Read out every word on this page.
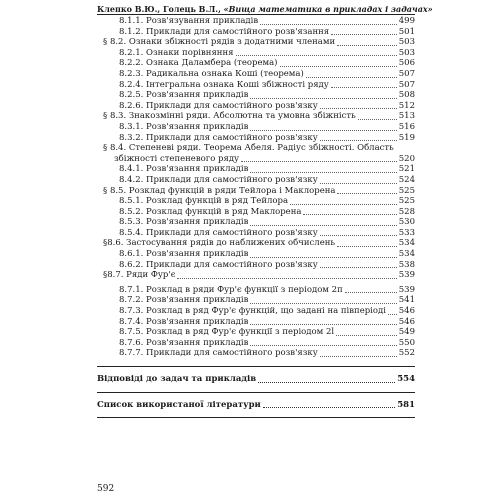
Клепко В.Ю., Голець В.Л., «Вища математика в прикладах і задачах»
8.1.1. Розв'язування прикладів	499
8.1.2. Приклади для самостійного розв'язання	501
§ 8.2. Ознаки збіжності рядів з додатними членами	503
8.2.1. Ознаки порівняння	503
8.2.2. Ознака Даламбера (теорема)	506
8.2.3. Радикальна ознака Коші (теорема)	507
8.2.4. Інтегральна ознака Коші збіжності ряду	507
8.2.5. Розв'язання прикладів	508
8.2.6. Приклади для самостійного розв'язку	512
§ 8.3. Знакозмінні ряди. Абсолютна та умовна збіжність	513
8.3.1. Розв'язання прикладів	516
8.3.2. Приклади для самостійного розв'язку	519
§ 8.4. Степеневі ряди. Теорема Абеля. Радіус збіжності. Область
збіжності степеневого ряду	520
8.4.1. Розв'язання прикладів	521
8.4.2. Приклади для самостійного розв'язку	524
§ 8.5. Розклад функцій в ряди Тейлора і Маклорена	525
8.5.1. Розклад функцій в ряд Тейлора	525
8.5.2. Розклад функцій в ряд Маклорена	528
8.5.3. Розв'язання прикладів	530
8.5.4. Приклади для самостійного розв'язку	533
§8.6. Застосування рядів до наближених обчислень	534
8.6.1. Розв'язання прикладів	534
8.6.2. Приклади для самостійного розв'язку	538
§8.7. Ряди Фур'є	539
8.7.1. Розклад в ряди Фур'є функції з періодом 2π	539
8.7.2. Розв'язання прикладів	541
8.7.3. Розклад в ряд Фур'є функцій, що задані на півперіоді 546
8.7.4. Розв'язання прикладів	546
8.7.5. Розклад в ряд Фур'є функції з періодом 2l	549
8.7.6. Розв'язання прикладів	550
8.7.7. Приклади для самостійного розв'язку	552
Відповіді до задач та прикладів	554
Список використаної літератури	581
592
